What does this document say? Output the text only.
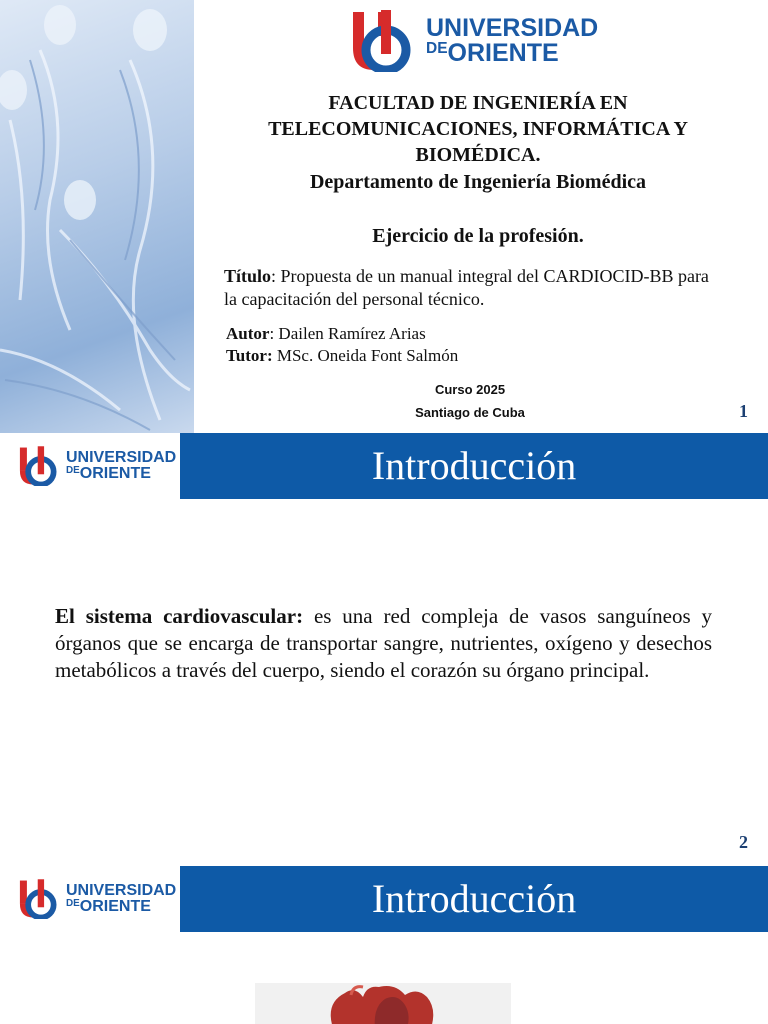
UNIVERSIDAD
$^{DE}$ORIENTE
FACULTAD DE INGENIERÍA EN
TELECOMUNICACIONES, INFORMÁTICA Y
BIOMÉDICA.
Departamento de Ingeniería Biomédica
Ejercicio de la profesión.
Título: Propuesta de un manual integral del CARDIOCID-BB para la capacitación del personal técnico.
Autor: Dailen Ramírez Arias
Tutor: MSc. Oneida Font Salmón
Curso 2025
Santiago de Cuba	1
UNIVERSIDAD
$^{DE}$ORIENTE	Introducción
El sistema cardiovascular: es una red compleja de vasos sanguíneos y órganos que se encarga de transportar sangre, nutrientes, oxígeno y desechos metabólicos a través del cuerpo, siendo el corazón su órgano principal.
2
UNIVERSIDAD
$^{DE}$ORIENTE	Introducción
